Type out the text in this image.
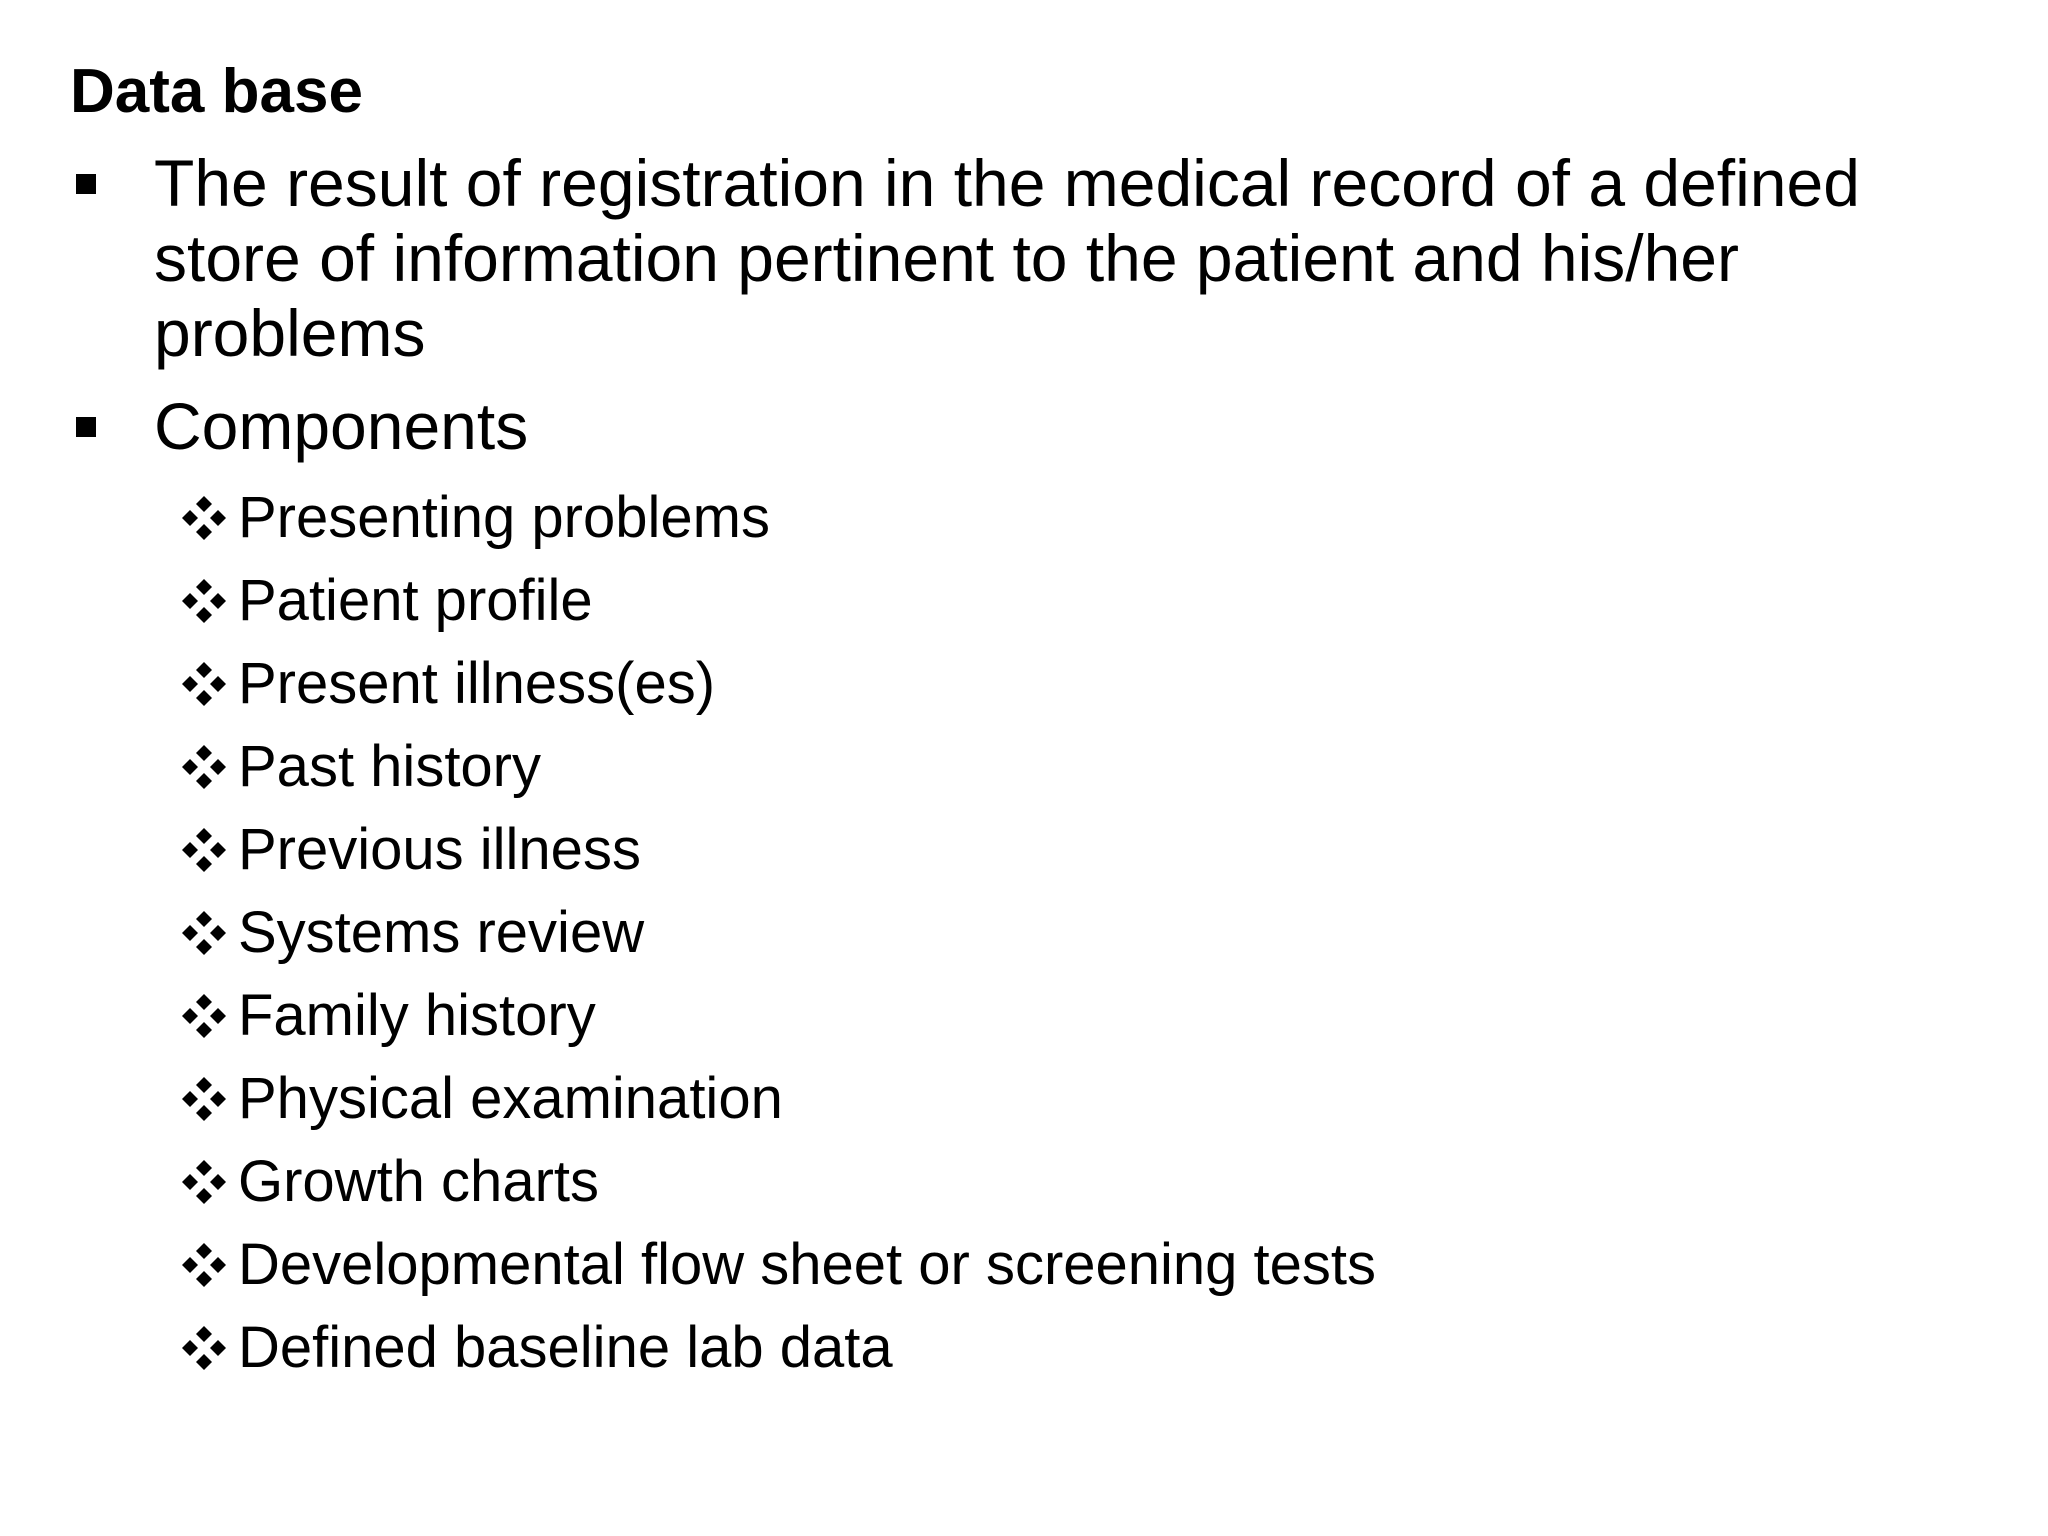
Data base
The result of registration in the medical record of a defined store of information pertinent to the patient and his/her problems
Components
Presenting problems
Patient profile
Present illness(es)
Past history
Previous illness
Systems review
Family history
Physical examination
Growth charts
Developmental flow sheet or screening tests
Defined baseline lab data
